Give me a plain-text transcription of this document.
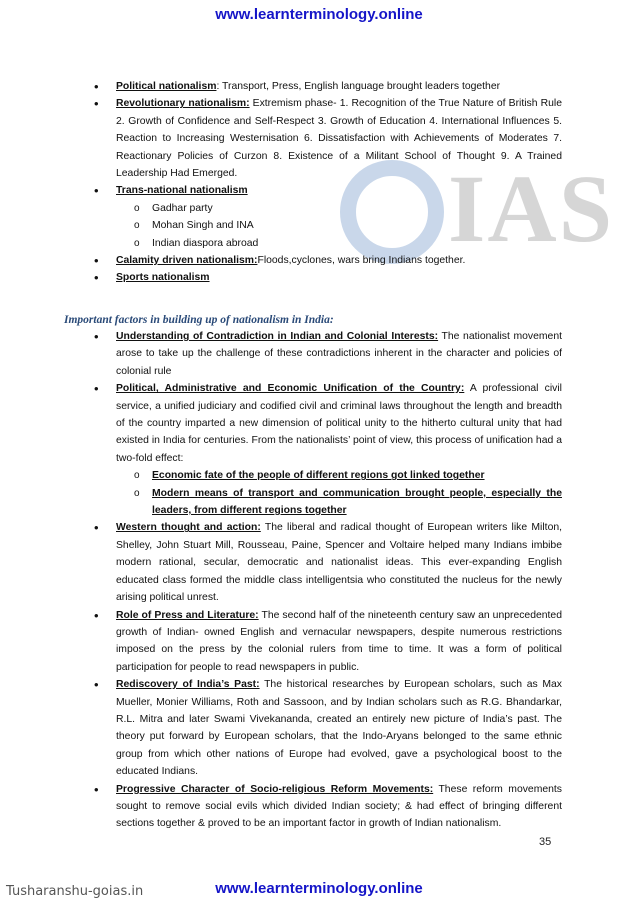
www.learnterminology.online
IAS
• Political nationalism: Transport, Press, English language brought leaders together
• Revolutionary nationalism: Extremism phase- 1. Recognition of the True Nature of British Rule 2. Growth of Confidence and Self-Respect 3. Growth of Education 4. International Influences 5. Reaction to Increasing Westernisation 6. Dissatisfaction with Achievements of Moderates 7. Reactionary Policies of Curzon 8. Existence of a Militant School of Thought 9. A Trained Leadership Had Emerged.
• Trans-national nationalism
o Gadhar party
o Mohan Singh and INA
o Indian diaspora abroad
• Calamity driven nationalism:Floods,cyclones, wars bring Indians together.
• Sports nationalism
Important factors in building up of nationalism in India:
• Understanding of Contradiction in Indian and Colonial Interests: The nationalist movement arose to take up the challenge of these contradictions inherent in the character and policies of colonial rule
• Political, Administrative and Economic Unification of the Country: A professional civil service, a unified judiciary and codified civil and criminal laws throughout the length and breadth of the country imparted a new dimension of political unity to the hitherto cultural unity that had existed in India for centuries. From the nationalists’ point of view, this process of unification had a two-fold effect:
o Economic fate of the people of different regions got linked together
o Modern means of transport and communication brought people, especially the leaders, from different regions together
• Western thought and action: The liberal and radical thought of European writers like Milton, Shelley, John Stuart Mill, Rousseau, Paine, Spencer and Voltaire helped many Indians imbibe modern rational, secular, democratic and nationalist ideas. This ever-expanding English educated class formed the middle class intelligentsia who constituted the nucleus for the newly arising political unrest.
• Role of Press and Literature: The second half of the nineteenth century saw an unprecedented growth of Indian- owned English and vernacular newspapers, despite numerous restrictions imposed on the press by the colonial rulers from time to time. It was a form of political participation for people to read newspapers in public.
• Rediscovery of India’s Past: The historical researches by European scholars, such as Max Mueller, Monier Williams, Roth and Sassoon, and by Indian scholars such as R.G. Bhandarkar, R.L. Mitra and later Swami Vivekananda, created an entirely new picture of India’s past. The theory put forward by European scholars, that the Indo-Aryans belonged to the same ethnic group from which other nations of Europe had evolved, gave a psychological boost to the educated Indians.
• Progressive Character of Socio-religious Reform Movements: These reform movements sought to remove social evils which divided Indian society; & had effect of bringing different sections together & proved to be an important factor in growth of Indian nationalism.
35
Tusharanshu-goias.in	www.learnterminology.online
